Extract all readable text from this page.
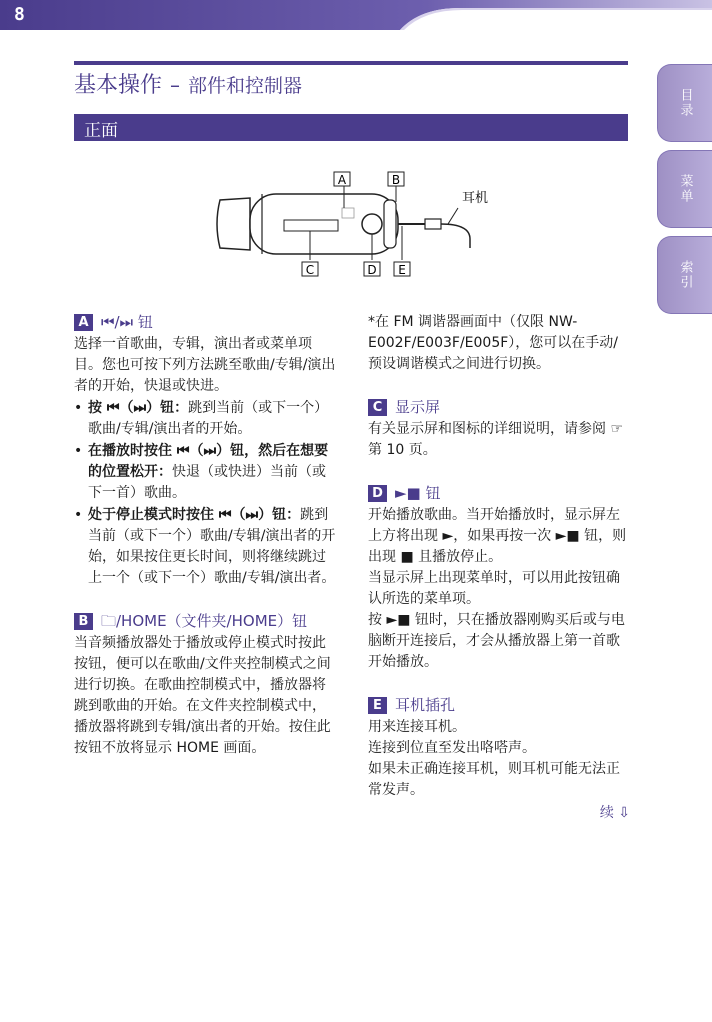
8
目录
菜单
索引
基本操作 – 部件和控制器
正面
A	B
C	D E
耳机
A ⏮/⏭ 钮
选择一首歌曲，专辑，演出者或菜单项目。您也可按下列方法跳至歌曲/专辑/演出者的开始，快退或快进。
• 按 ⏮（⏭）钮：跳到当前（或下一个）歌曲/专辑/演出者的开始。
• 在播放时按住 ⏮（⏭）钮，然后在想要的位置松开：快退（或快进）当前（或下一首）歌曲。
• 处于停止模式时按住 ⏮（⏭）钮：跳到当前（或下一个）歌曲/专辑/演出者的开始，如果按住更长时间，则将继续跳过上一个（或下一个）歌曲/专辑/演出者。
B 🗀/HOME（文件夹/HOME）钮
当音频播放器处于播放或停止模式时按此按钮，便可以在歌曲/文件夹控制模式之间进行切换。在歌曲控制模式中，播放器将跳到歌曲的开始。在文件夹控制模式中，播放器将跳到专辑/演出者的开始。按住此按钮不放将显示 HOME 画面。
*在 FM 调谐器画面中（仅限 NW-E002F/E003F/E005F），您可以在手动/预设调谐模式之间进行切换。
C 显示屏
有关显示屏和图标的详细说明，请参阅 ☞ 第 10 页。
D ►■ 钮
开始播放歌曲。当开始播放时，显示屏左上方将出现 ►，如果再按一次 ►■ 钮，则出现 ■ 且播放停止。
当显示屏上出现菜单时，可以用此按钮确认所选的菜单项。
按 ►■ 钮时，只在播放器刚购买后或与电脑断开连接后，才会从播放器上第一首歌开始播放。
E 耳机插孔
用来连接耳机。
连接到位直至发出咯嗒声。
如果未正确连接耳机，则耳机可能无法正常发声。
续 ⇩
